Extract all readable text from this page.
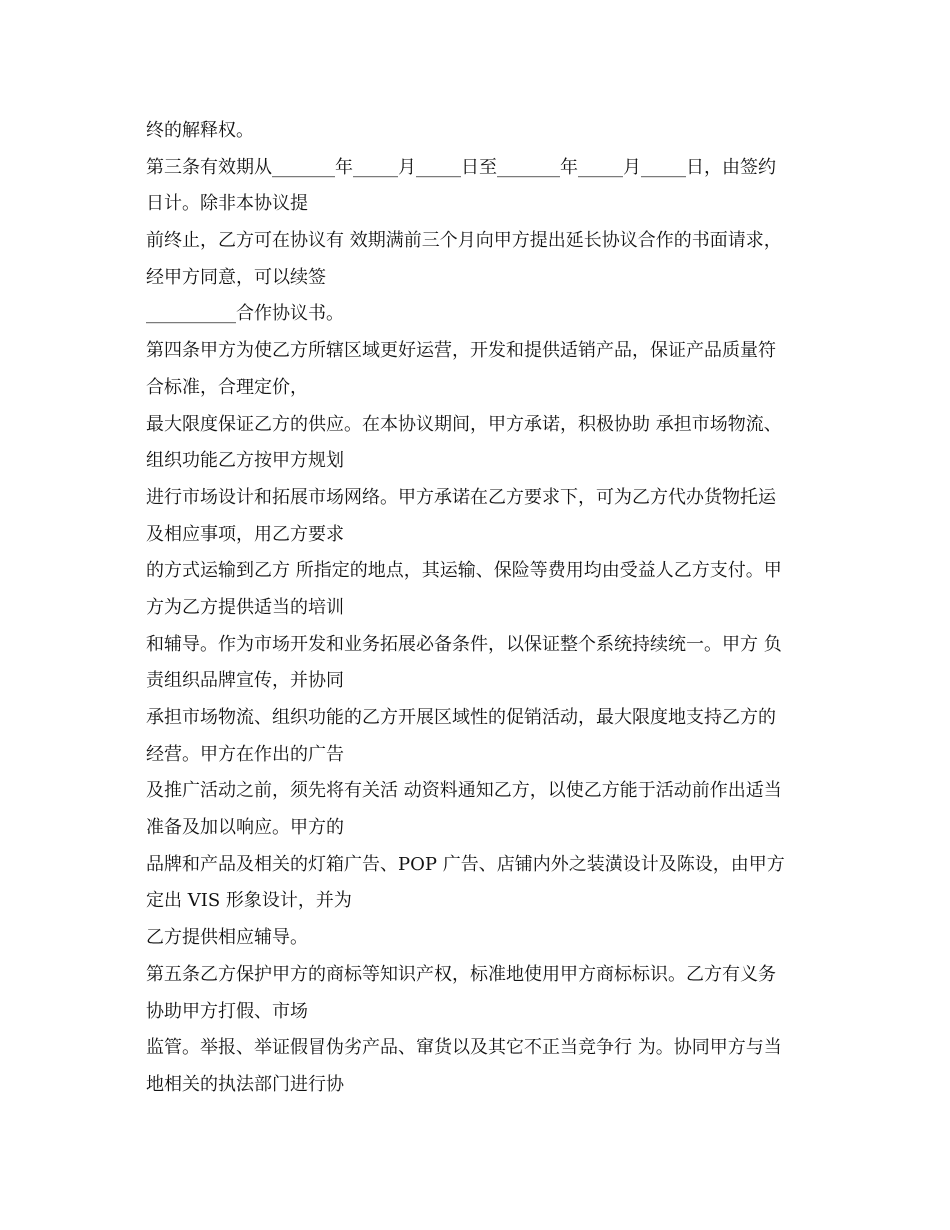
终的解释权。
第三条有效期从_______年_____月_____日至_______年_____月_____日，由签约
日计。除非本协议提
前终止，乙方可在协议有 效期满前三个月向甲方提出延长协议合作的书面请求，
经甲方同意，可以续签
__________合作协议书。
第四条甲方为使乙方所辖区域更好运营，开发和提供适销产品，保证产品质量符
合标准，合理定价，
最大限度保证乙方的供应。在本协议期间，甲方承诺，积极协助 承担市场物流、
组织功能乙方按甲方规划
进行市场设计和拓展市场网络。甲方承诺在乙方要求下，可为乙方代办货物托运
及相应事项，用乙方要求
的方式运输到乙方 所指定的地点，其运输、保险等费用均由受益人乙方支付。甲
方为乙方提供适当的培训
和辅导。作为市场开发和业务拓展必备条件，以保证整个系统持续统一。甲方 负
责组织品牌宣传，并协同
承担市场物流、组织功能的乙方开展区域性的促销活动，最大限度地支持乙方的
经营。甲方在作出的广告
及推广活动之前，须先将有关活 动资料通知乙方，以使乙方能于活动前作出适当
准备及加以响应。甲方的
品牌和产品及相关的灯箱广告、POP 广告、店铺内外之装潢设计及陈设，由甲方
定出 VIS 形象设计，并为
乙方提供相应辅导。
第五条乙方保护甲方的商标等知识产权，标准地使用甲方商标标识。乙方有义务
协助甲方打假、市场
监管。举报、举证假冒伪劣产品、窜货以及其它不正当竞争行 为。协同甲方与当
地相关的执法部门进行协
